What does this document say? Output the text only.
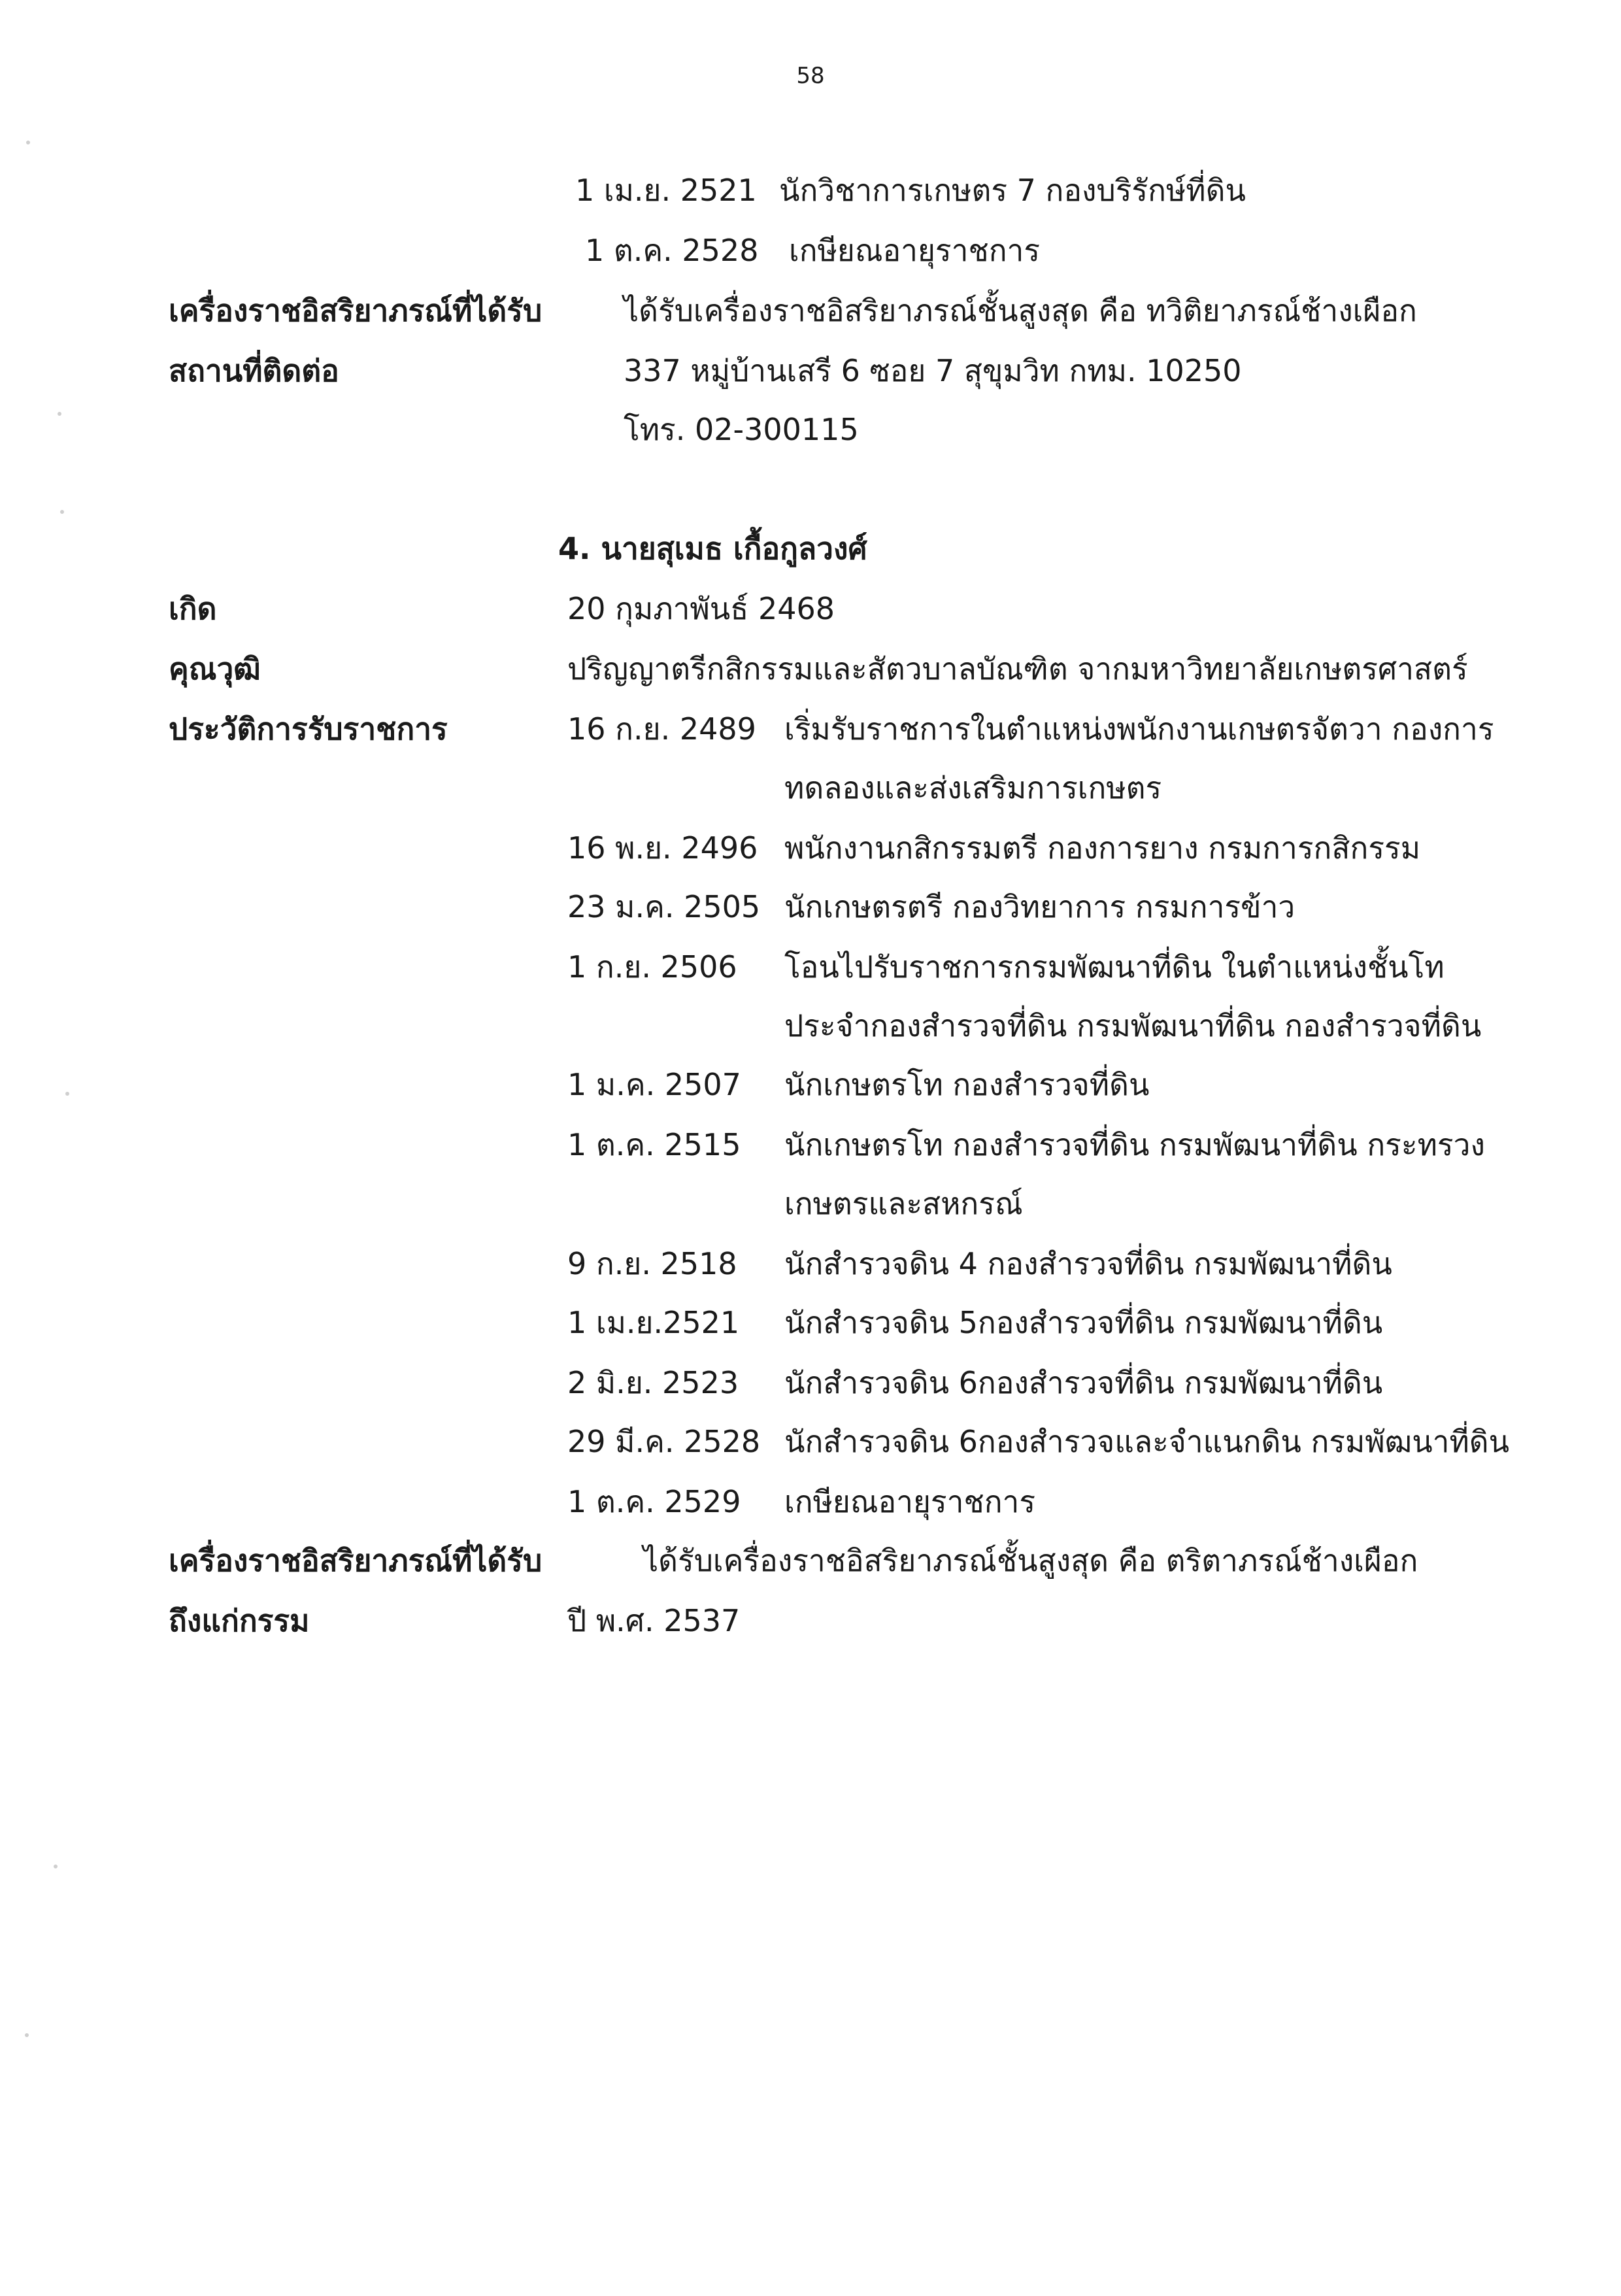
58
1 เม.ย. 2521 นักวิชาการเกษตร 7 กองบริรักษ์ที่ดิน
1 ต.ค. 2528 เกษียณอายุราชการ
เครื่องราชอิสริยาภรณ์ที่ได้รับ	ได้รับเครื่องราชอิสริยาภรณ์ชั้นสูงสุด คือ ทวิติยาภรณ์ช้างเผือก
สถานที่ติดต่อ	337 หมู่บ้านเสรี 6 ซอย 7 สุขุมวิท กทม. 10250
โทร. 02-300115
4. นายสุเมธ เกื้อกูลวงศ์
เกิด	20 กุมภาพันธ์ 2468
คุณวุฒิ	ปริญญาตรีกสิกรรมและสัตวบาลบัณฑิต จากมหาวิทยาลัยเกษตรศาสตร์
ประวัติการรับราชการ	16 ก.ย. 2489 เริ่มรับราชการในตำแหน่งพนักงานเกษตรจัตวา กองการ
ทดลองและส่งเสริมการเกษตร
16 พ.ย. 2496 พนักงานกสิกรรมตรี กองการยาง กรมการกสิกรรม
23 ม.ค. 2505 นักเกษตรตรี กองวิทยาการ กรมการข้าว
1 ก.ย. 2506 โอนไปรับราชการกรมพัฒนาที่ดิน ในตำแหน่งชั้นโท
ประจำกองสำรวจที่ดิน กรมพัฒนาที่ดิน กองสำรวจที่ดิน
1 ม.ค. 2507 นักเกษตรโท กองสำรวจที่ดิน
1 ต.ค. 2515 นักเกษตรโท กองสำรวจที่ดิน กรมพัฒนาที่ดิน กระทรวง
เกษตรและสหกรณ์
9 ก.ย. 2518 นักสำรวจดิน 4 กองสำรวจที่ดิน กรมพัฒนาที่ดิน
1 เม.ย.2521 นักสำรวจดิน 5กองสำรวจที่ดิน กรมพัฒนาที่ดิน
2 มิ.ย. 2523 นักสำรวจดิน 6กองสำรวจที่ดิน กรมพัฒนาที่ดิน
29 มี.ค. 2528 นักสำรวจดิน 6กองสำรวจและจำแนกดิน กรมพัฒนาที่ดิน
1 ต.ค. 2529 เกษียณอายุราชการ
เครื่องราชอิสริยาภรณ์ที่ได้รับ	ได้รับเครื่องราชอิสริยาภรณ์ชั้นสูงสุด คือ ตริตาภรณ์ช้างเผือก
ถึงแก่กรรม	ปี พ.ศ. 2537
